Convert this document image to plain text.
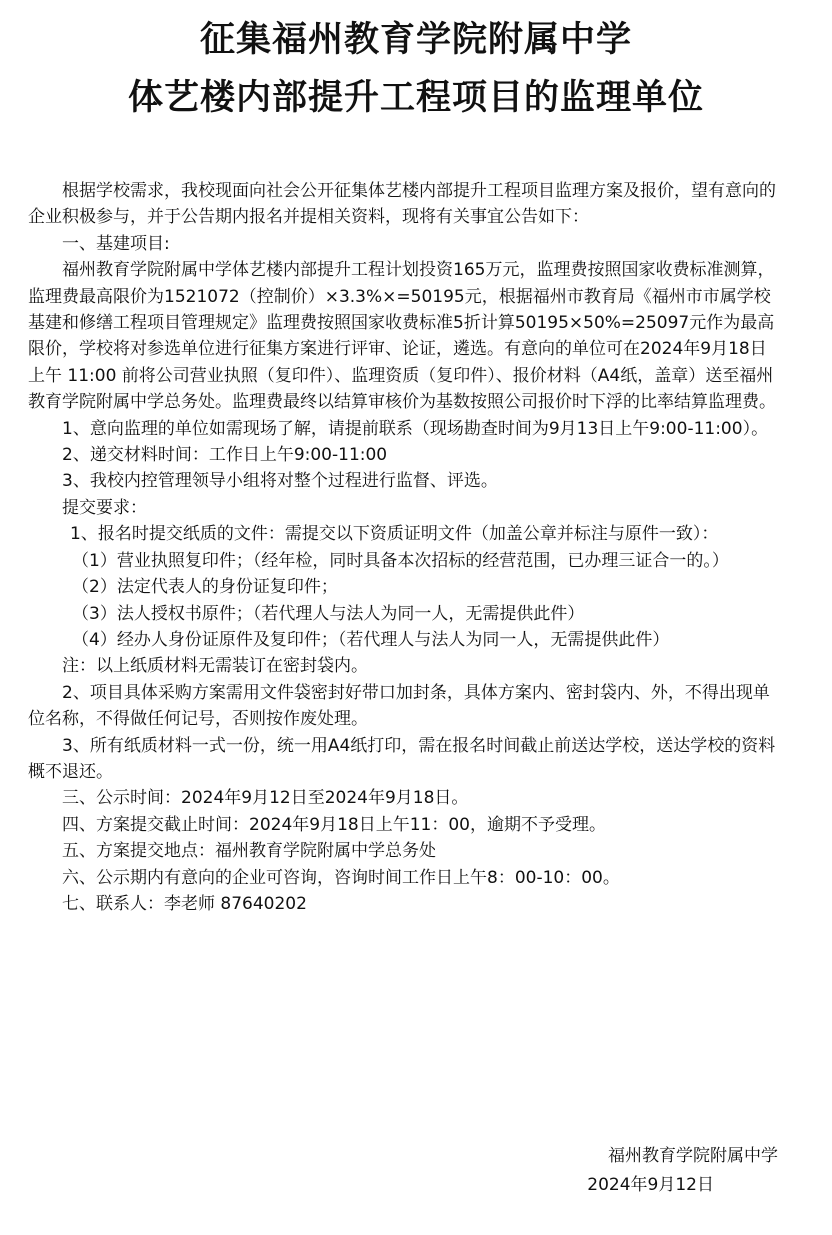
征集福州教育学院附属中学
体艺楼内部提升工程项目的监理单位

根据学校需求，我校现面向社会公开征集体艺楼内部提升工程项目监理方案及报价，望有意向的企业积极参与，并于公告期内报名并提相关资料，现将有关事宜公告如下：

一、基建项目:

福州教育学院附属中学体艺楼内部提升工程计划投资165万元，监理费按照国家收费标准测算，监理费最高限价为1521072（控制价）×3.3%×=50195元，根据福州市教育局《福州市市属学校基建和修缮工程项目管理规定》监理费按照国家收费标准5折计算50195×50%=25097元作为最高限价，学校将对参选单位进行征集方案进行评审、论证，遴选。有意向的单位可在2024年9月18日上午 11:00 前将公司营业执照（复印件）、监理资质（复印件）、报价材料（A4纸，盖章）送至福州教育学院附属中学总务处。监理费最终以结算审核价为基数按照公司报价时下浮的比率结算监理费。

1、意向监理的单位如需现场了解，请提前联系（现场勘查时间为9月13日上午9:00-11:00）。

2、递交材料时间：工作日上午9:00-11:00

3、我校内控管理领导小组将对整个过程进行监督、评选。

提交要求：

1、报名时提交纸质的文件：需提交以下资质证明文件（加盖公章并标注与原件一致）：

（1）营业执照复印件；（经年检，同时具备本次招标的经营范围，已办理三证合一的。）

（2）法定代表人的身份证复印件；

（3）法人授权书原件；（若代理人与法人为同一人，无需提供此件）

（4）经办人身份证原件及复印件；（若代理人与法人为同一人，无需提供此件）

注：以上纸质材料无需装订在密封袋内。

2、项目具体采购方案需用文件袋密封好带口加封条，具体方案内、密封袋内、外，不得出现单位名称，不得做任何记号，否则按作废处理。

3、所有纸质材料一式一份，统一用A4纸打印，需在报名时间截止前送达学校，送达学校的资料概不退还。

三、公示时间：2024年9月12日至2024年9月18日。

四、方案提交截止时间：2024年9月18日上午11：00，逾期不予受理。

五、方案提交地点：福州教育学院附属中学总务处

六、公示期内有意向的企业可咨询，咨询时间工作日上午8：00-10：00。

七、联系人：李老师 87640202

福州教育学院附属中学

2024年9月12日
